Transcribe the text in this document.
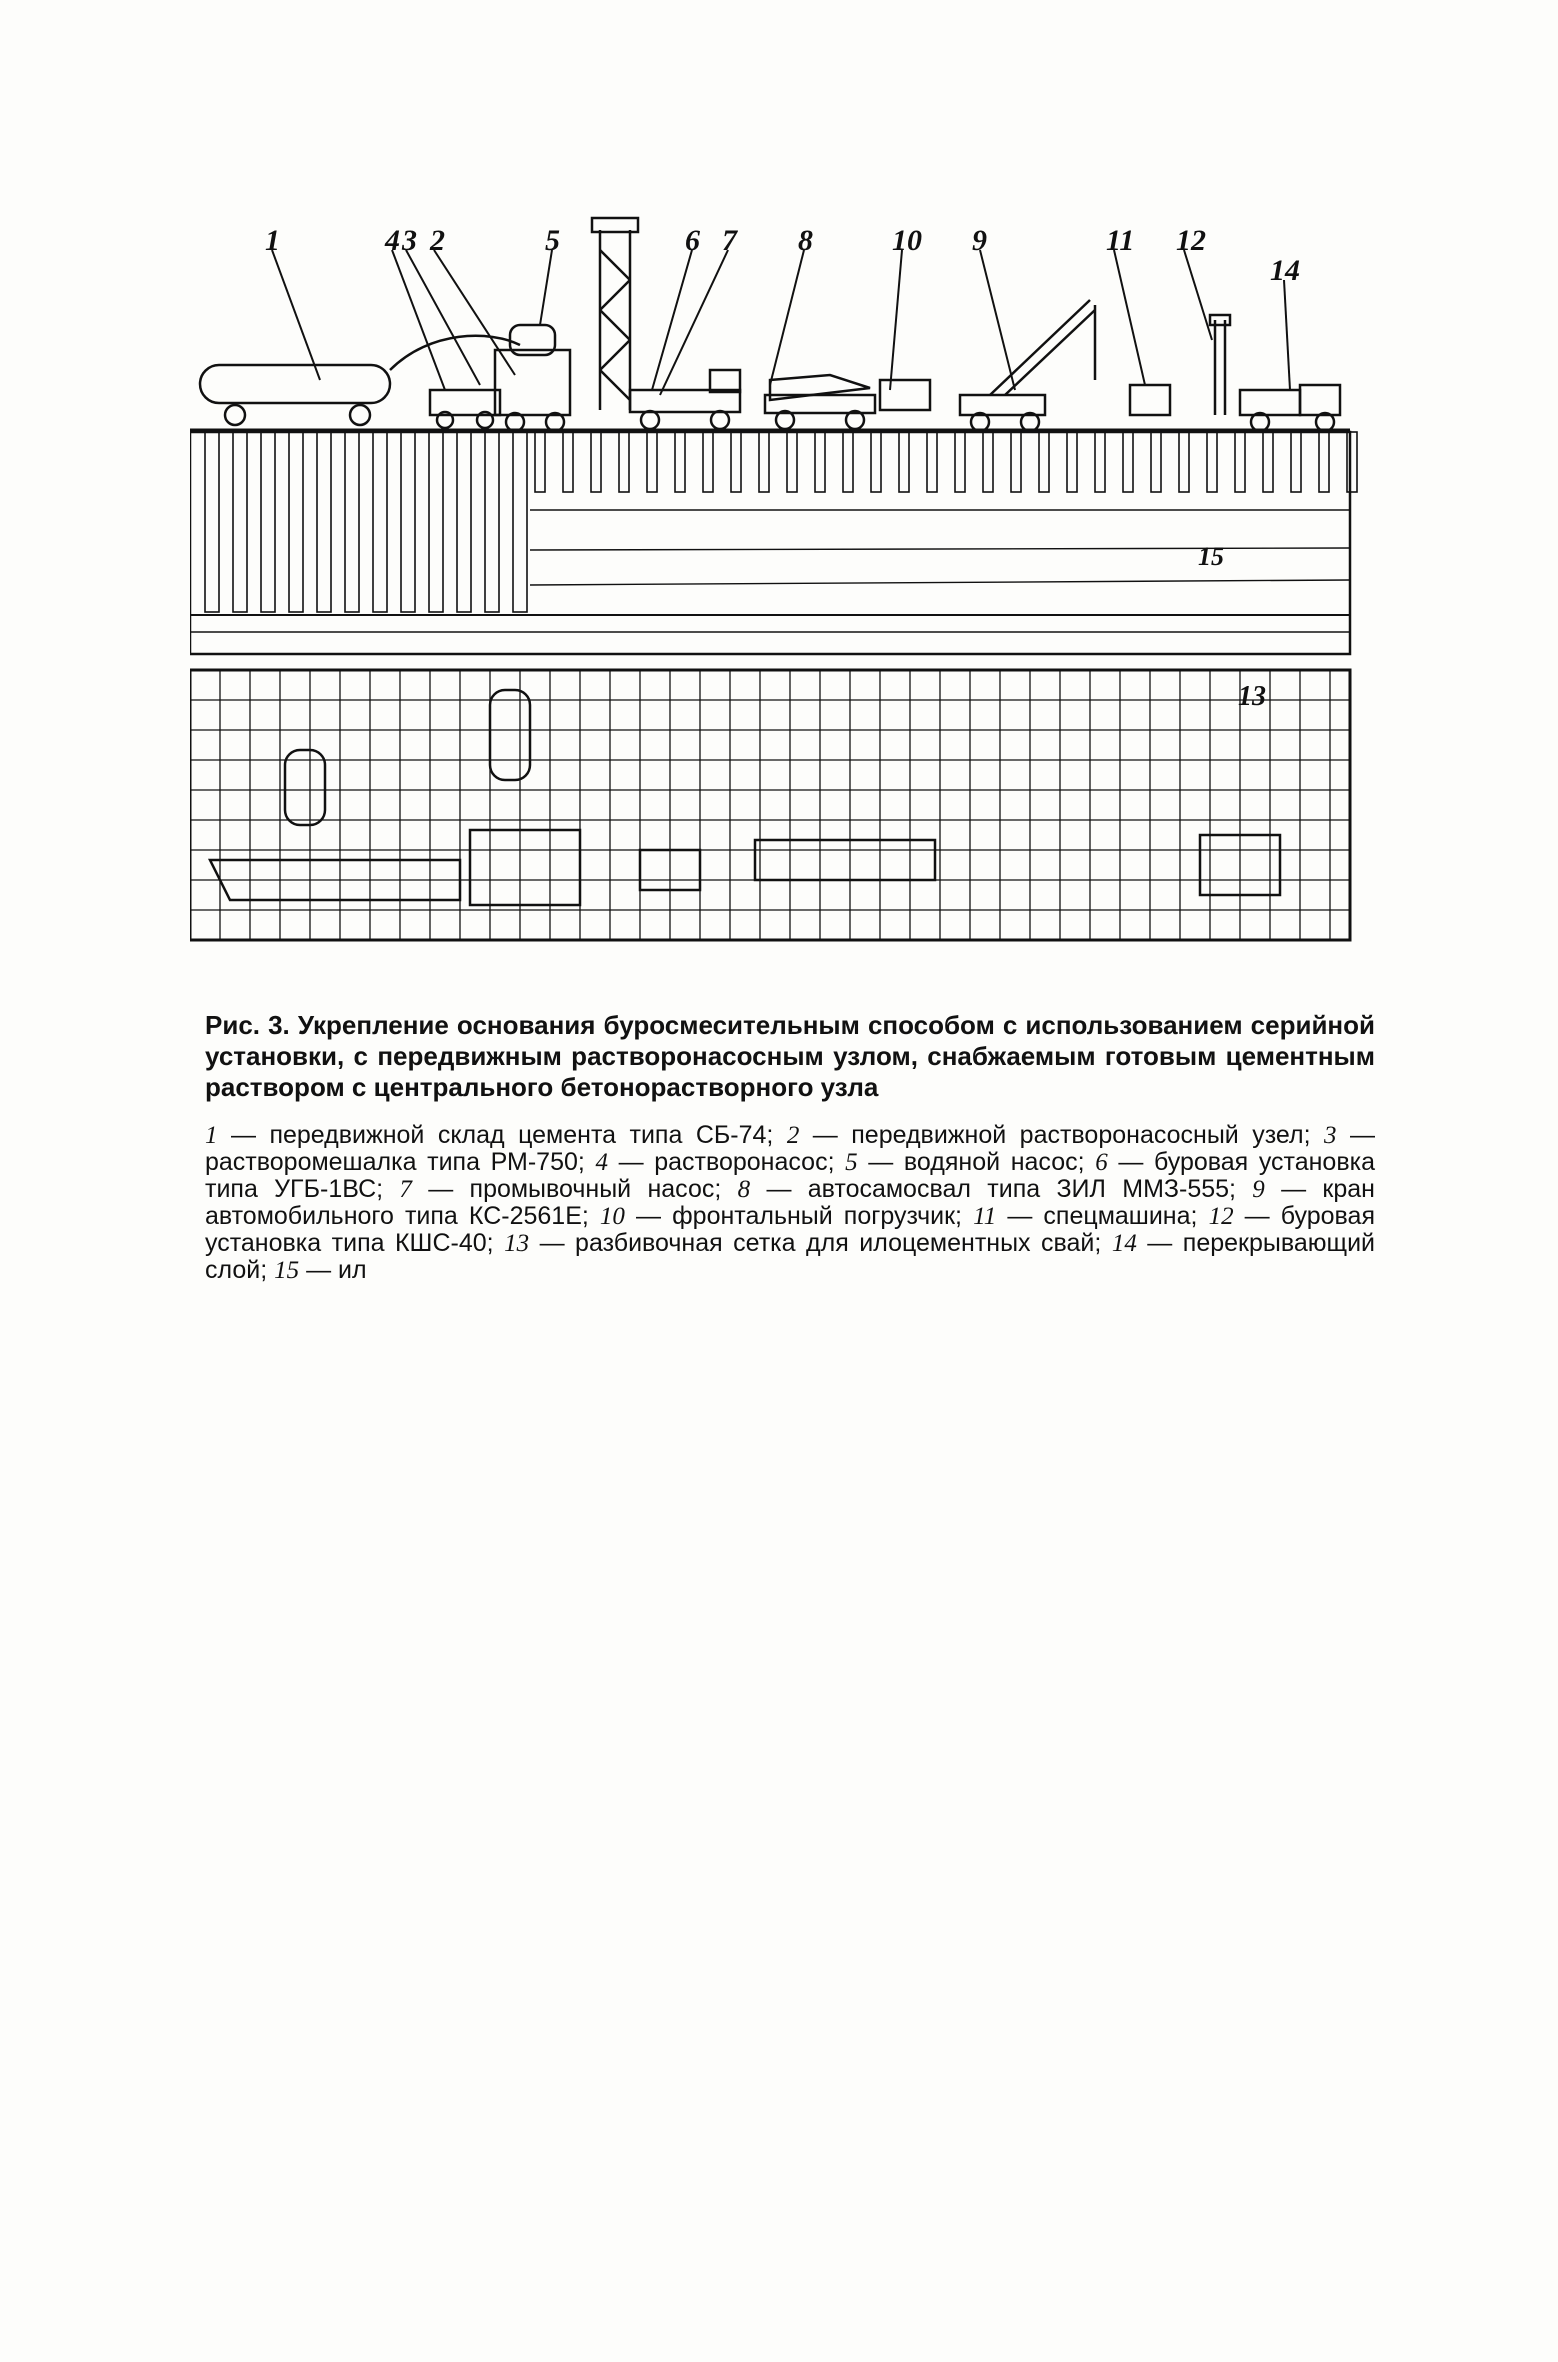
1	4 3 2	5	6 7 8	10 9	11 12
14
15
13

Рис. 3. Укрепление основания буросмесительным способом с использованием серийной установки, с передвижным растворонасосным узлом, снабжаемым готовым цементным раствором с центрального бетонорастворного узла

1 — передвижной склад цемента типа СБ-74; 2 — передвижной растворонасосный узел; 3 — растворомешалка типа РМ-750; 4 — растворонасос; 5 — водяной насос; 6 — буровая установка типа УГБ-1ВС; 7 — промывочный насос; 8 — автосамосвал типа ЗИЛ ММЗ-555; 9 — кран автомобильного типа КС-2561Е; 10 — фронтальный погрузчик; 11 — спецмашина; 12 — буровая установка типа КШС-40; 13 — разбивочная сетка для илоцементных свай; 14 — перекрывающий слой; 15 — ил
